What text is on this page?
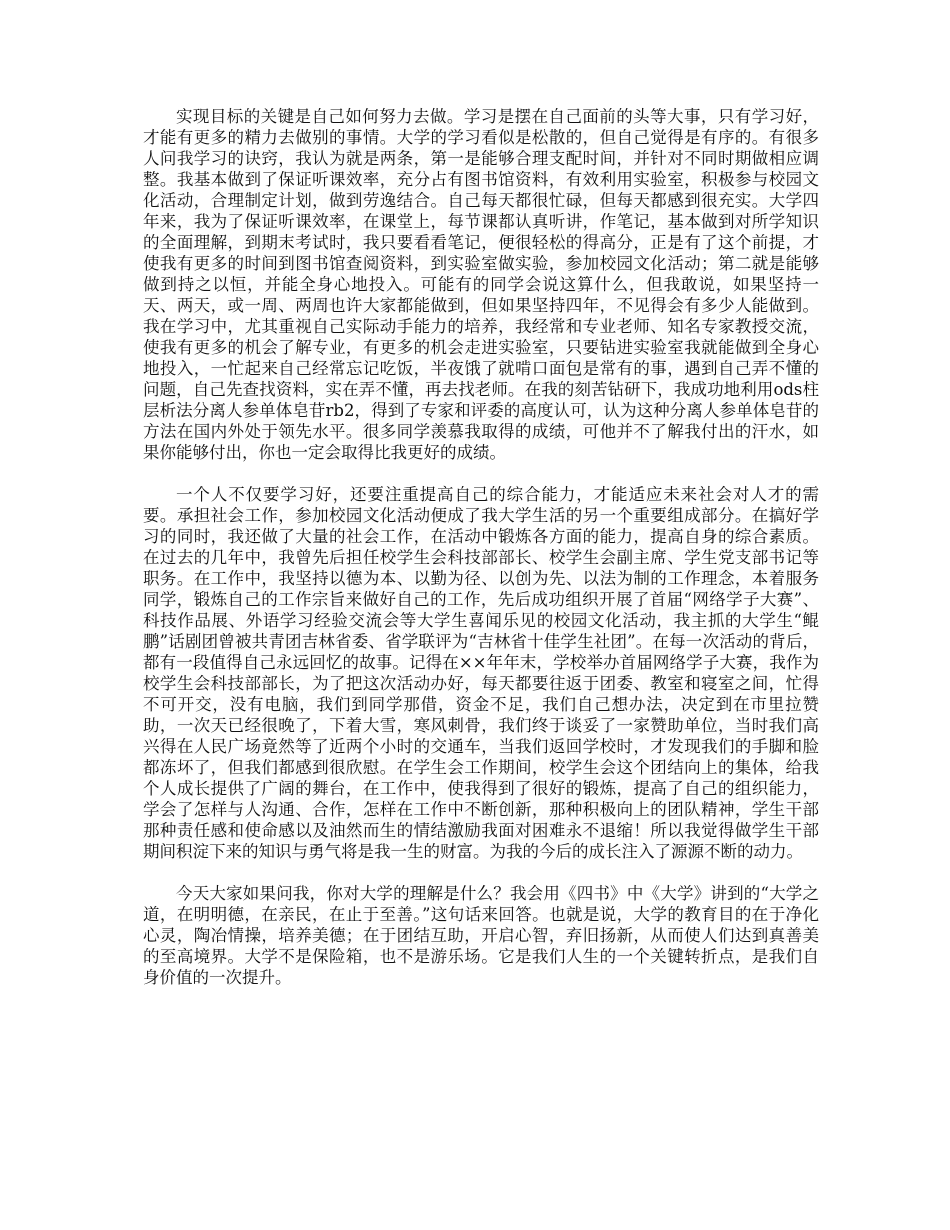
实现目标的关键是自己如何努力去做。学习是摆在自己面前的头等大事，只有学习好，才能有更多的精力去做别的事情。大学的学习看似是松散的，但自己觉得是有序的。有很多人问我学习的诀窍，我认为就是两条，第一是能够合理支配时间，并针对不同时期做相应调整。我基本做到了保证听课效率，充分占有图书馆资料，有效利用实验室，积极参与校园文化活动，合理制定计划，做到劳逸结合。自己每天都很忙碌，但每天都感到很充实。大学四年来，我为了保证听课效率，在课堂上，每节课都认真听讲，作笔记，基本做到对所学知识的全面理解，到期末考试时，我只要看看笔记，便很轻松的得高分，正是有了这个前提，才使我有更多的时间到图书馆查阅资料，到实验室做实验，参加校园文化活动；第二就是能够做到持之以恒，并能全身心地投入。可能有的同学会说这算什么，但我敢说，如果坚持一天、两天，或一周、两周也许大家都能做到，但如果坚持四年，不见得会有多少人能做到。我在学习中，尤其重视自己实际动手能力的培养，我经常和专业老师、知名专家教授交流，使我有更多的机会了解专业，有更多的机会走进实验室，只要钻进实验室我就能做到全身心地投入，一忙起来自己经常忘记吃饭，半夜饿了就啃口面包是常有的事，遇到自己弄不懂的问题，自己先查找资料，实在弄不懂，再去找老师。在我的刻苦钻研下，我成功地利用ods柱层析法分离人参单体皂苷rb2，得到了专家和评委的高度认可，认为这种分离人参单体皂苷的方法在国内外处于领先水平。很多同学羡慕我取得的成绩，可他并不了解我付出的汗水，如果你能够付出，你也一定会取得比我更好的成绩。

一个人不仅要学习好，还要注重提高自己的综合能力，才能适应未来社会对人才的需要。承担社会工作，参加校园文化活动便成了我大学生活的另一个重要组成部分。在搞好学习的同时，我还做了大量的社会工作，在活动中锻炼各方面的能力，提高自身的综合素质。在过去的几年中，我曾先后担任校学生会科技部部长、校学生会副主席、学生党支部书记等职务。在工作中，我坚持以德为本、以勤为径、以创为先、以法为制的工作理念，本着服务同学，锻炼自己的工作宗旨来做好自己的工作，先后成功组织开展了首届“网络学子大赛”、科技作品展、外语学习经验交流会等大学生喜闻乐见的校园文化活动，我主抓的大学生“鲲鹏”话剧团曾被共青团吉林省委、省学联评为“吉林省十佳学生社团”。在每一次活动的背后，都有一段值得自己永远回忆的故事。记得在××年年末，学校举办首届网络学子大赛，我作为校学生会科技部部长，为了把这次活动办好，每天都要往返于团委、教室和寝室之间，忙得不可开交，没有电脑，我们到同学那借，资金不足，我们自己想办法，决定到在市里拉赞助，一次天已经很晚了，下着大雪，寒风刺骨，我们终于谈妥了一家赞助单位，当时我们高兴得在人民广场竟然等了近两个小时的交通车，当我们返回学校时，才发现我们的手脚和脸都冻坏了，但我们都感到很欣慰。在学生会工作期间，校学生会这个团结向上的集体，给我个人成长提供了广阔的舞台，在工作中，使我得到了很好的锻炼，提高了自己的组织能力，学会了怎样与人沟通、合作，怎样在工作中不断创新，那种积极向上的团队精神，学生干部那种责任感和使命感以及油然而生的情结激励我面对困难永不退缩！所以我觉得做学生干部期间积淀下来的知识与勇气将是我一生的财富。为我的今后的成长注入了源源不断的动力。

今天大家如果问我，你对大学的理解是什么？我会用《四书》中《大学》讲到的“大学之道，在明明德，在亲民，在止于至善。”这句话来回答。也就是说，大学的教育目的在于净化心灵，陶冶情操，培养美德；在于团结互助，开启心智，弃旧扬新，从而使人们达到真善美的至高境界。大学不是保险箱，也不是游乐场。它是我们人生的一个关键转折点，是我们自身价值的一次提升。
